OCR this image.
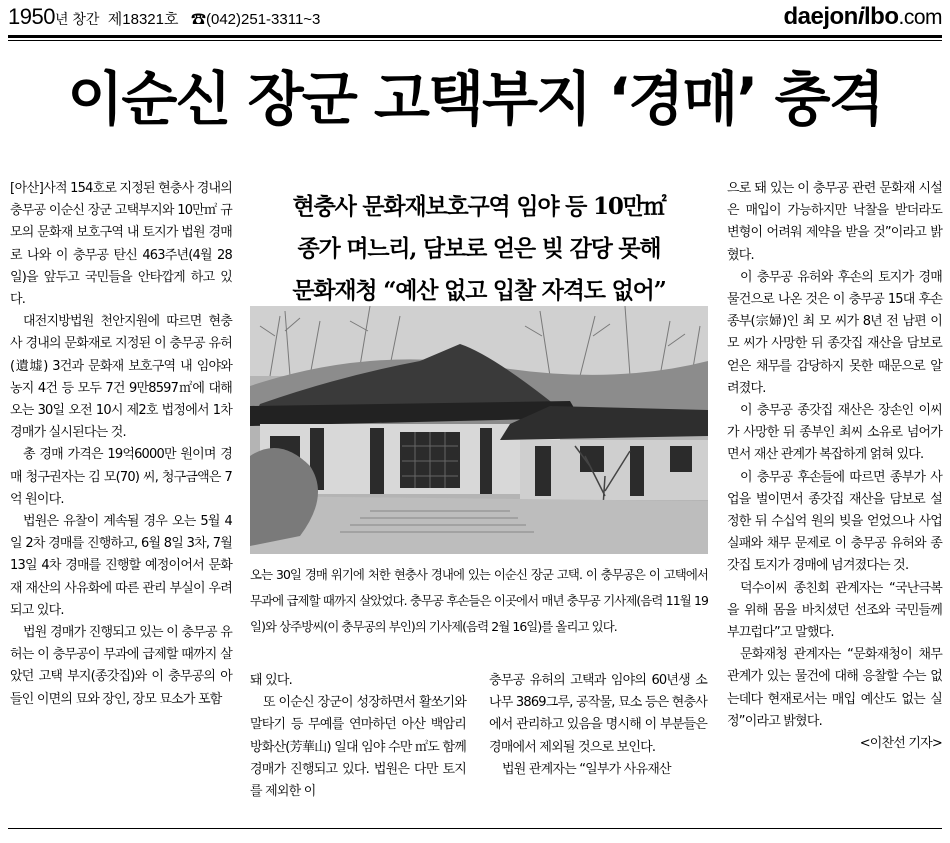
1950년 창간 제18321호 ☎(042)251-3311~3	daejonilbo.com
이순신 장군 고택부지 ‘경매’ 충격

[아산]사적 154호로 지정된 현충사 경내의 충무공 이순신 장군 고택부지와 10만㎡ 규모의 문화재 보호구역 내 토지가 법원 경매로 나와 이 충무공 탄신 463주년(4월 28일)을 앞두고 국민들을 안타깝게 하고 있다.

대전지방법원 천안지원에 따르면 현충사 경내의 문화재로 지정된 이 충무공 유허(遺墟) 3건과 문화재 보호구역 내 임야와 농지 4건 등 모두 7건 9만8597㎡에 대해 오는 30일 오전 10시 제2호 법정에서 1차 경매가 실시된다는 것.

총 경매 가격은 19억6000만 원이며 경매 청구권자는 김 모(70) 씨, 청구금액은 7억 원이다.

법원은 유찰이 계속될 경우 오는 5월 4일 2차 경매를 진행하고, 6월 8일 3차, 7월 13일 4차 경매를 진행할 예정이어서 문화재 재산의 사유화에 따른 관리 부실이 우려되고 있다.

법원 경매가 진행되고 있는 이 충무공 유허는 이 충무공이 무과에 급제할 때까지 살았던 고택 부지(종갓집)와 이 충무공의 아들인 이면의 묘와 장인, 장모 묘소가 포함

현충사 문화재보호구역 임야 등 10만㎡
종가 며느리, 담보로 얻은 빚 감당 못해
문화재청 “예산 없고 입찰 자격도 없어”
오는 30일 경매 위기에 처한 현충사 경내에 있는 이순신 장군 고택. 이 충무공은 이 고택에서 무과에 급제할 때까지 살았었다. 충무공 후손들은 이곳에서 매년 충무공 기사제(음력 11월 19일)와 상주방씨(이 충무공의 부인)의 기사제(음력 2월 16일)를 올리고 있다.

돼 있다.

또 이순신 장군이 성장하면서 활쏘기와 말타기 등 무예를 연마하던 아산 백암리 방화산(芳華山) 일대 임야 수만 ㎡도 함께 경매가 진행되고 있다. 법원은 다만 토지를 제외한 이

충무공 유허의 고택과 임야의 60년생 소나무 3869그루, 공작물, 묘소 등은 현충사에서 관리하고 있음을 명시해 이 부분들은 경매에서 제외될 것으로 보인다.

법원 관계자는 “일부가 사유재산

으로 돼 있는 이 충무공 관련 문화재 시설은 매입이 가능하지만 낙찰을 받더라도 변형이 어려워 제약을 받을 것”이라고 밝혔다.

이 충무공 유허와 후손의 토지가 경매 물건으로 나온 것은 이 충무공 15대 후손 종부(宗婦)인 최 모 씨가 8년 전 남편 이 모 씨가 사망한 뒤 종갓집 재산을 담보로 얻은 채무를 감당하지 못한 때문으로 알려졌다.

이 충무공 종갓집 재산은 장손인 이씨가 사망한 뒤 종부인 최씨 소유로 넘어가면서 재산 관계가 복잡하게 얽혀 있다.

이 충무공 후손들에 따르면 종부가 사업을 벌이면서 종갓집 재산을 담보로 설정한 뒤 수십억 원의 빚을 얻었으나 사업 실패와 채무 문제로 이 충무공 유허와 종갓집 토지가 경매에 넘겨졌다는 것.

덕수이씨 종친회 관계자는 “국난극복을 위해 몸을 바치셨던 선조와 국민들께 부끄럽다”고 말했다.

문화재청 관계자는 “문화재청이 채무 관계가 있는 물건에 대해 응찰할 수는 없는데다 현재로서는 매입 예산도 없는 실정”이라고 밝혔다.

<이찬선 기자>
